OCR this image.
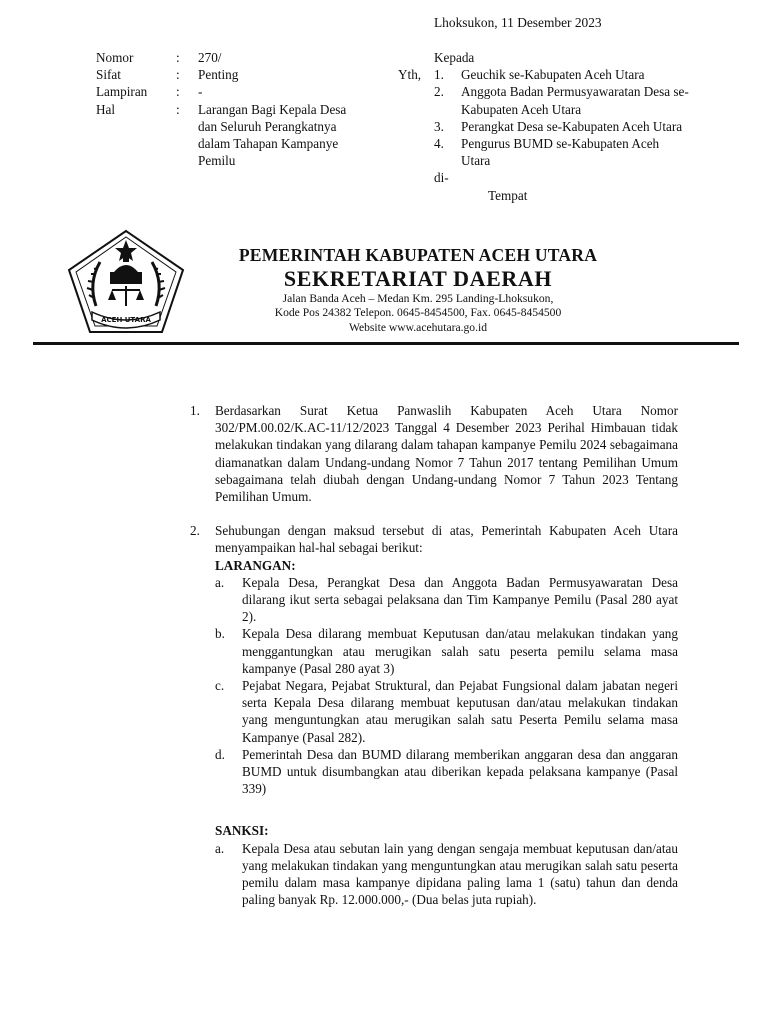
Lhoksukon, 11 Desember 2023
Nomor	:	270/
Sifat	:	Penting
Lampiran	:	-
Hal	:	Larangan Bagi Kepala Desa dan Seluruh Perangkatnya dalam Tahapan Kampanye Pemilu
Yth,
Kepada
1.	Geuchik se-Kabupaten Aceh Utara
2.	Anggota Badan Permusyawaratan Desa se-Kabupaten Aceh Utara
3.	Perangkat Desa se-Kabupaten Aceh Utara
4.	Pengurus BUMD se-Kabupaten Aceh Utara
di-
Tempat
ACEH UTARA
PEMERINTAH KABUPATEN ACEH UTARA
SEKRETARIAT DAERAH
Jalan Banda Aceh – Medan Km. 295 Landing-Lhoksukon,
Kode Pos 24382 Telepon. 0645-8454500, Fax. 0645-8454500
Website www.acehutara.go.id
1.	Berdasarkan Surat Ketua Panwaslih Kabupaten Aceh Utara Nomor 302/PM.00.02/K.AC-11/12/2023 Tanggal 4 Desember 2023 Perihal Himbauan tidak melakukan tindakan yang dilarang dalam tahapan kampanye Pemilu 2024 sebagaimana diamanatkan dalam Undang-undang Nomor 7 Tahun 2017 tentang Pemilihan Umum sebagaimana telah diubah dengan Undang-undang Nomor 7 Tahun 2023 Tentang Pemilihan Umum.
2.	Sehubungan dengan maksud tersebut di atas, Pemerintah Kabupaten Aceh Utara menyampaikan hal-hal sebagai berikut:
LARANGAN:
a.	Kepala Desa, Perangkat Desa dan Anggota Badan Permusyawaratan Desa dilarang ikut serta sebagai pelaksana dan Tim Kampanye Pemilu (Pasal 280 ayat 2).
b.	Kepala Desa dilarang membuat Keputusan dan/atau melakukan tindakan yang menggantungkan atau merugikan salah satu peserta pemilu selama masa kampanye (Pasal 280 ayat 3)
c.	Pejabat Negara, Pejabat Struktural, dan Pejabat Fungsional dalam jabatan negeri serta Kepala Desa dilarang membuat keputusan dan/atau melakukan tindakan yang menguntungkan atau merugikan salah satu Peserta Pemilu selama masa Kampanye (Pasal 282).
d.	Pemerintah Desa dan BUMD dilarang memberikan anggaran desa dan anggaran BUMD untuk disumbangkan atau diberikan kepada pelaksana kampanye (Pasal 339)
SANKSI:
a.	Kepala Desa atau sebutan lain yang dengan sengaja membuat keputusan dan/atau yang melakukan tindakan yang menguntungkan atau merugikan salah satu peserta pemilu dalam masa kampanye dipidana paling lama 1 (satu) tahun dan denda paling banyak Rp. 12.000.000,- (Dua belas juta rupiah).
